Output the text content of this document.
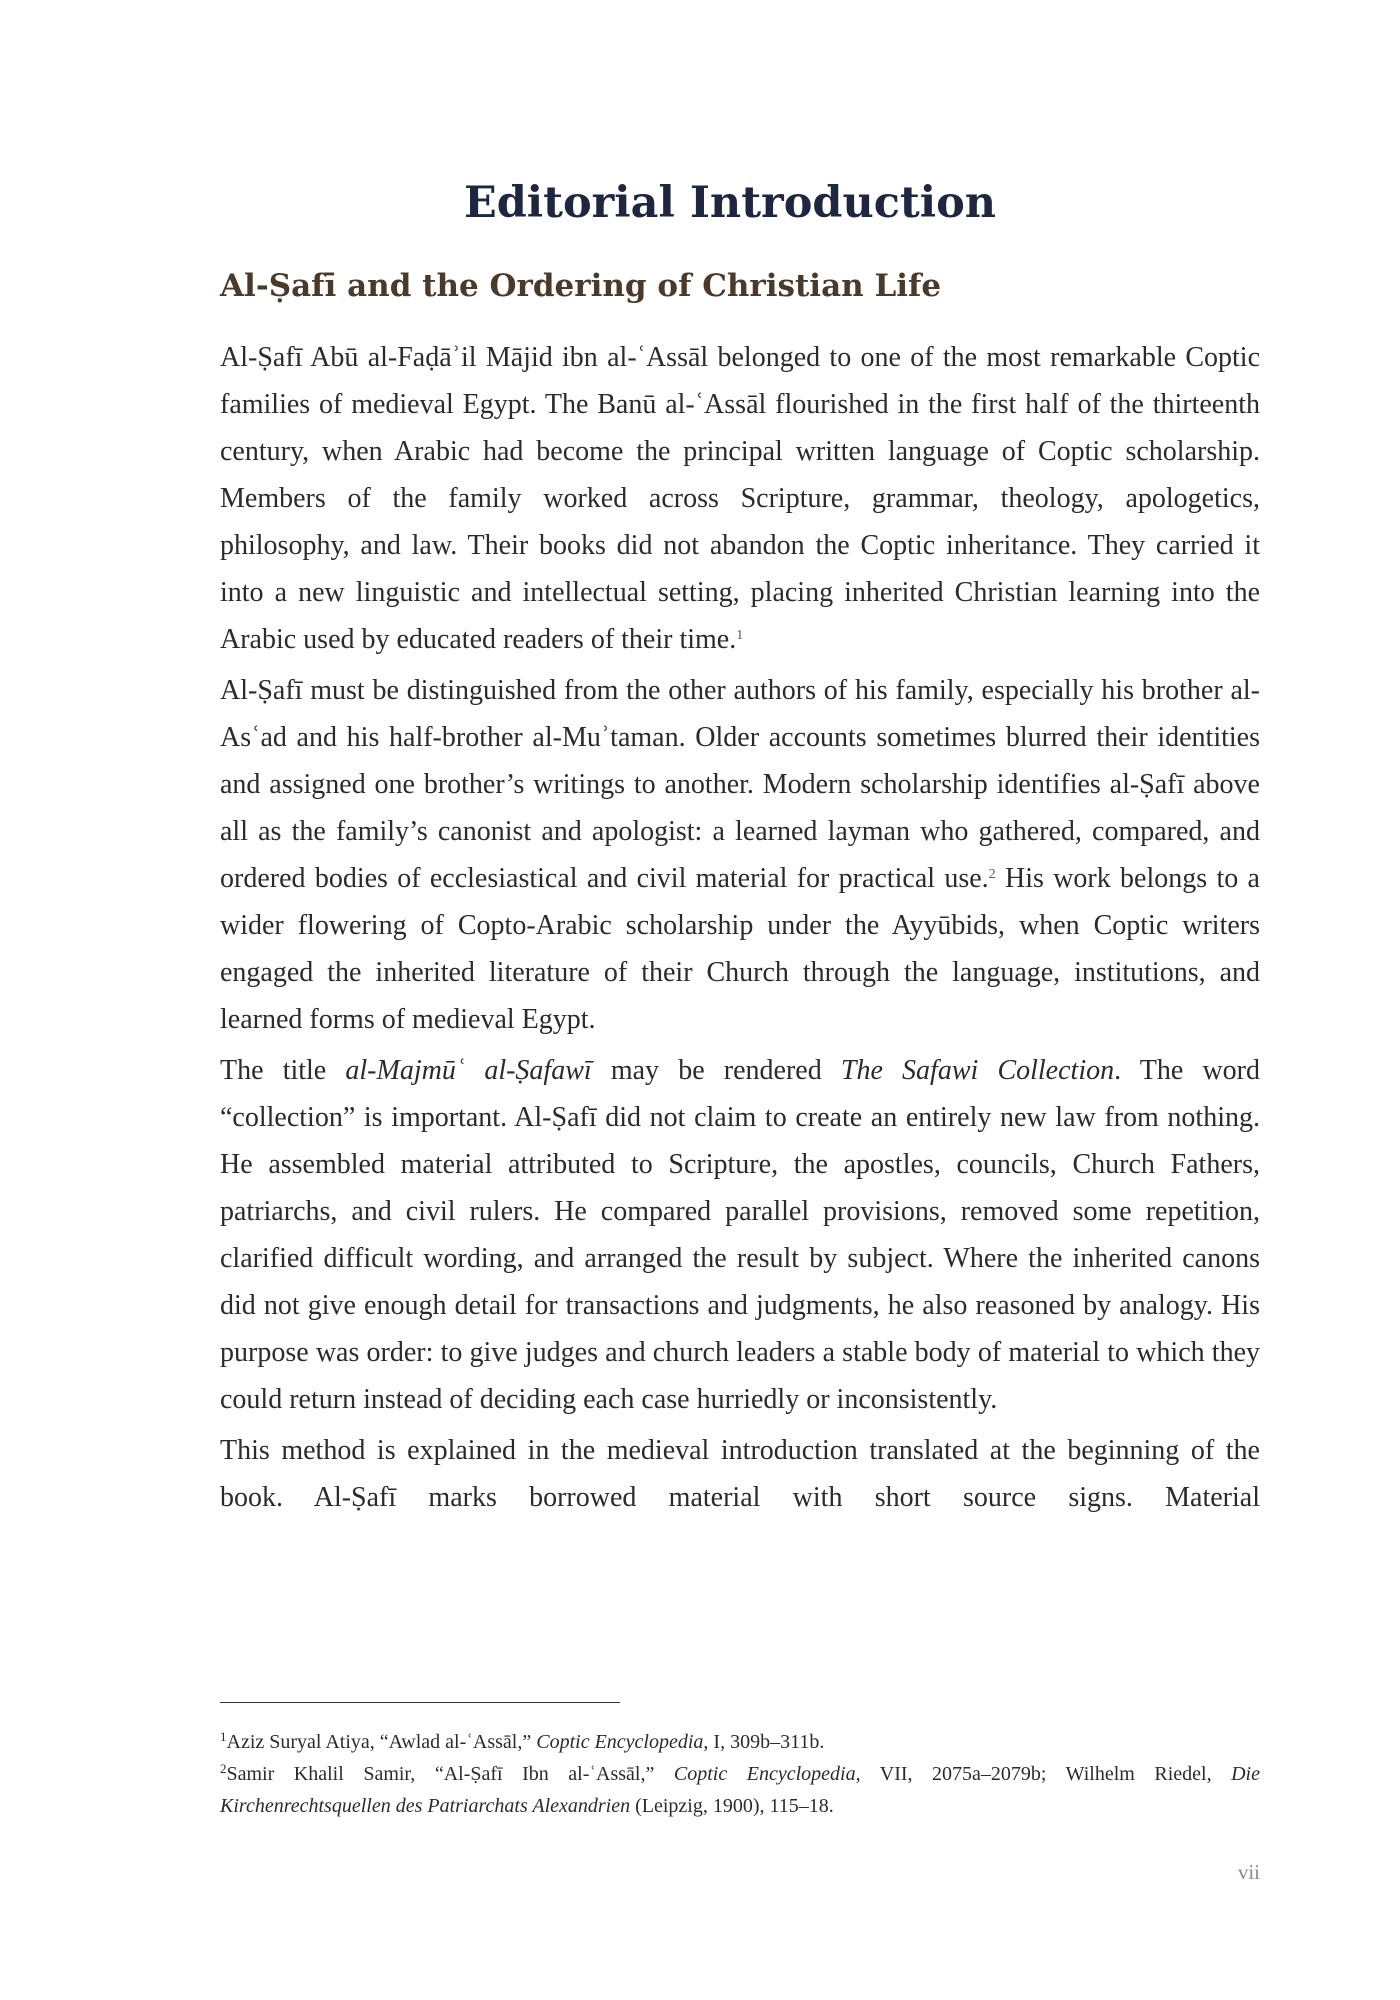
Editorial Introduction
Al-Ṣafī and the Ordering of Christian Life

Al-Ṣafī Abū al-Faḍāʾil Mājid ibn al-ʿAssāl belonged to one of the most remarkable Coptic families of medieval Egypt. The Banū al-ʿAssāl flourished in the first half of the thirteenth century, when Arabic had become the principal written language of Coptic scholarship. Members of the family worked across Scripture, grammar, theology, apologetics, philosophy, and law. Their books did not abandon the Coptic inheritance. They carried it into a new linguistic and intellectual setting, placing inherited Christian learning into the Arabic used by educated readers of their time.$^1$

Al-Ṣafī must be distinguished from the other authors of his family, especially his brother al-Asʿad and his half-brother al-Muʾtaman. Older accounts sometimes blurred their identities and assigned one brother’s writings to another. Modern scholarship identifies al-Ṣafī above all as the family’s canonist and apologist: a learned layman who gathered, compared, and ordered bodies of ecclesiastical and civil material for practical use.$^2$ His work belongs to a wider flowering of Copto-Arabic scholarship under the Ayyūbids, when Coptic writers engaged the inherited literature of their Church through the language, institutions, and learned forms of medieval Egypt.

The title al-Majmūʿ al-Ṣafawī may be rendered The Safawi Collection. The word “collection” is important. Al-Ṣafī did not claim to create an entirely new law from nothing. He assembled material attributed to Scripture, the apostles, councils, Church Fathers, patriarchs, and civil rulers. He compared parallel provisions, removed some repetition, clarified difficult wording, and arranged the result by subject. Where the inherited canons did not give enough detail for transactions and judgments, he also reasoned by analogy. His purpose was order: to give judges and church leaders a stable body of material to which they could return instead of deciding each case hurriedly or inconsistently.

This method is explained in the medieval introduction translated at the beginning of the book. Al-Ṣafī marks borrowed material with short source signs. Material

$^1$Aziz Suryal Atiya, “Awlad al-ʿAssāl,” Coptic Encyclopedia, I, 309b–311b.

$^2$Samir Khalil Samir, “Al-Ṣafī Ibn al-ʿAssāl,” Coptic Encyclopedia, VII, 2075a–2079b; Wilhelm Riedel, Die Kirchenrechtsquellen des Patriarchats Alexandrien (Leipzig, 1900), 115–18.

vii
